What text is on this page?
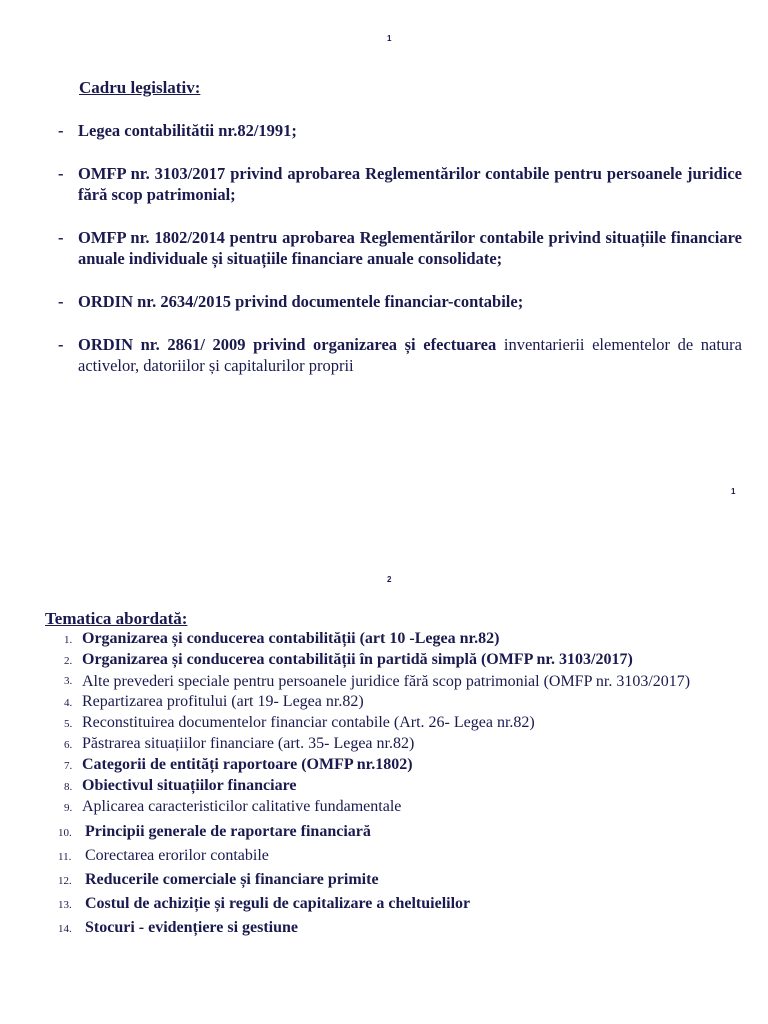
1
Cadru legislativ:
- Legea contabilitătii nr.82/1991;
- OMFP nr. 3103/2017 privind aprobarea Reglementărilor contabile pentru persoanele juridice fără scop patrimonial;
- OMFP nr. 1802/2014 pentru aprobarea Reglementărilor contabile privind situațiile financiare anuale individuale și situațiile financiare anuale consolidate;
- ORDIN nr. 2634/2015 privind documentele financiar-contabile;
- ORDIN nr. 2861/ 2009 privind organizarea și efectuarea inventarierii elementelor de natura activelor, datoriilor și capitalurilor proprii
1
2
Tematica abordată:
1. Organizarea și conducerea contabilității (art 10 -Legea nr.82)
2. Organizarea și conducerea contabilității în partidă simplă (OMFP nr. 3103/2017)
3. Alte prevederi speciale pentru persoanele juridice fără scop patrimonial (OMFP nr. 3103/2017)
4. Repartizarea profitului (art 19- Legea nr.82)
5. Reconstituirea documentelor financiar contabile (Art. 26- Legea nr.82)
6. Păstrarea situațiilor financiare (art. 35- Legea nr.82)
7. Categorii de entități raportoare (OMFP nr.1802)
8. Obiectivul situațiilor financiare
9. Aplicarea caracteristicilor calitative fundamentale
10. Principii generale de raportare financiară
11. Corectarea erorilor contabile
12. Reducerile comerciale și financiare primite
13. Costul de achiziție și reguli de capitalizare a cheltuielilor
14. Stocuri - evidențiere si gestiune
